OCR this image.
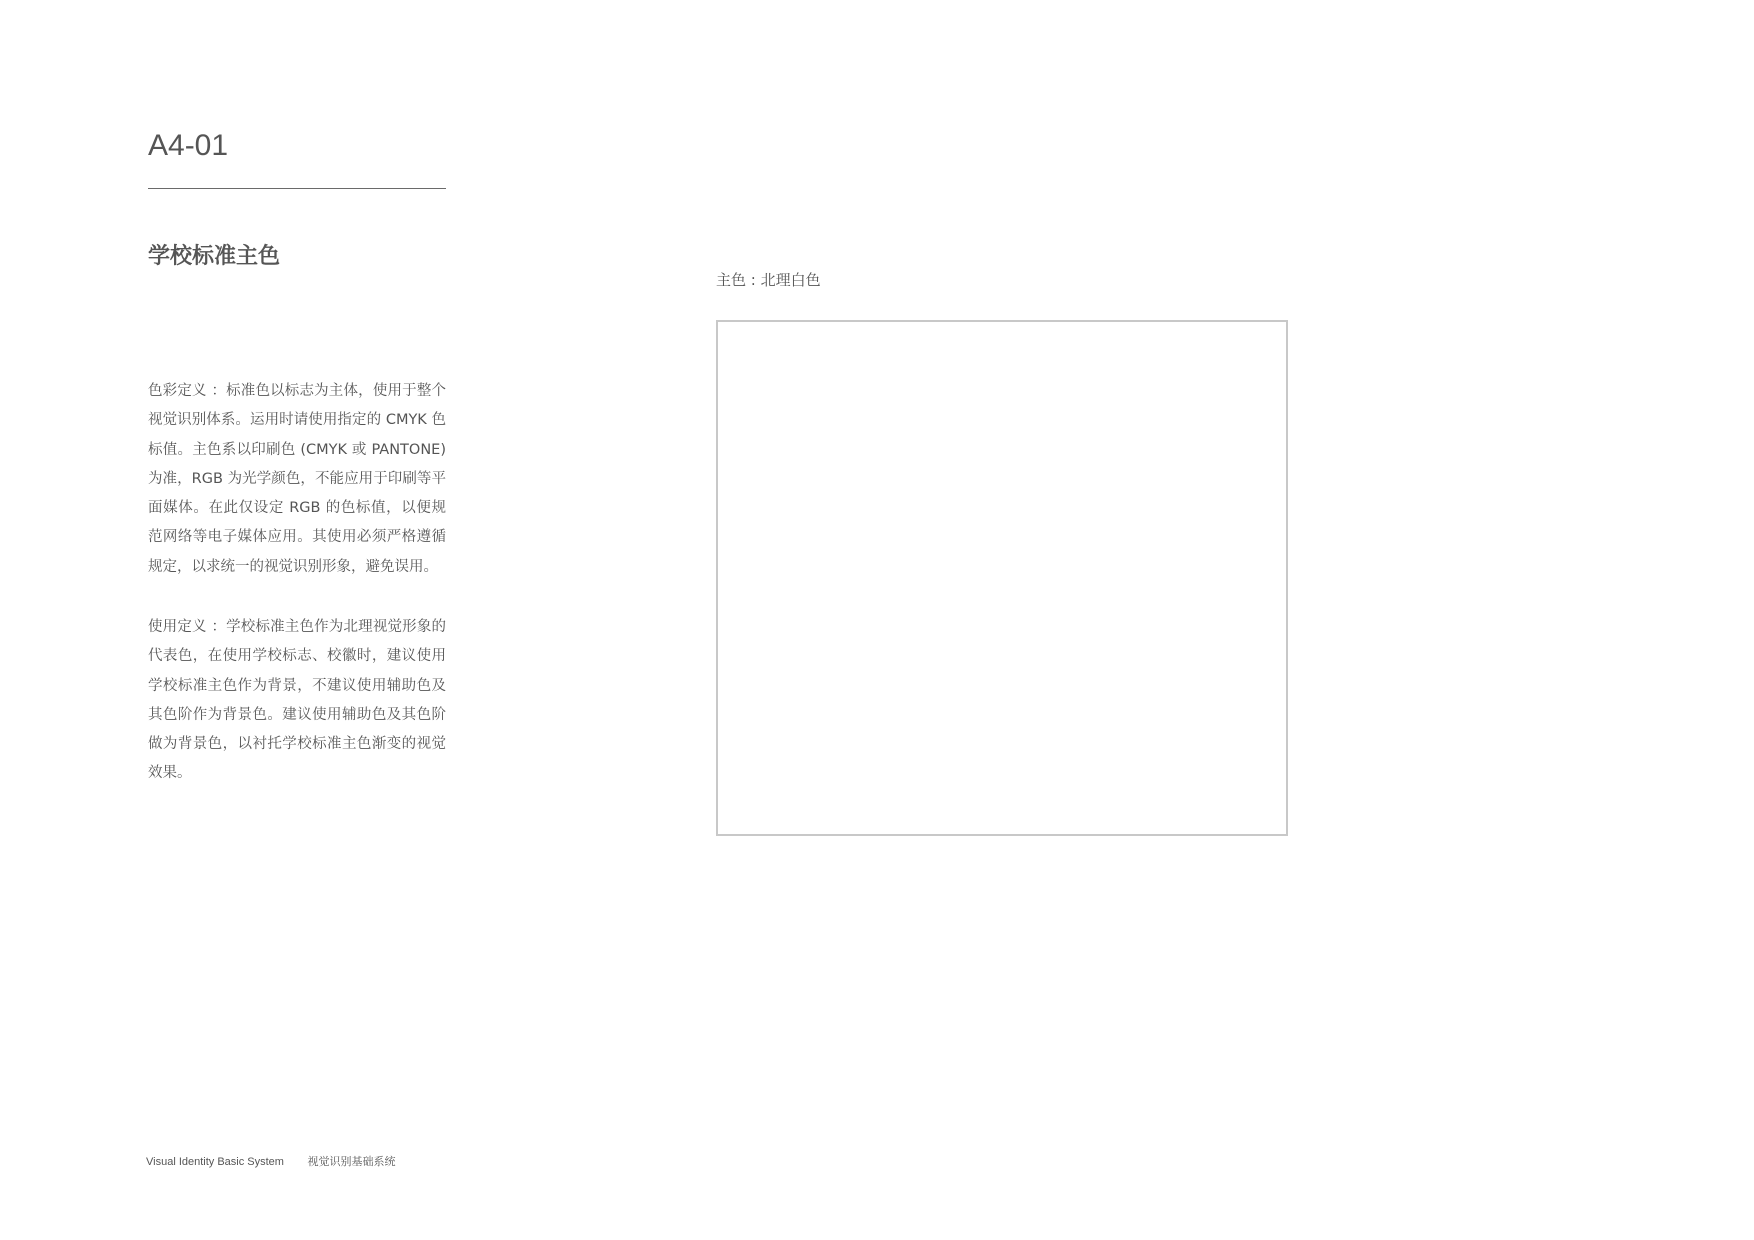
A4-01
学校标准主色

色彩定义 ：标准色以标志为主体，使用于整个视觉识别体系。运用时请使用指定的 CMYK 色标值。主色系以印刷色 (CMYK 或 PANTONE) 为准，RGB 为光学颜色，不能应用于印刷等平面媒体。在此仅设定 RGB 的色标值，以便规范网络等电子媒体应用。其使用必须严格遵循规定，以求统一的视觉识别形象，避免误用。

使用定义 ：学校标准主色作为北理视觉形象的代表色，在使用学校标志、校徽时，建议使用学校标准主色作为背景，不建议使用辅助色及其色阶作为背景色。建议使用辅助色及其色阶做为背景色，以衬托学校标准主色渐变的视觉效果。

主色 : 北理白色
Visual Identity Basic System 视觉识别基础系统
